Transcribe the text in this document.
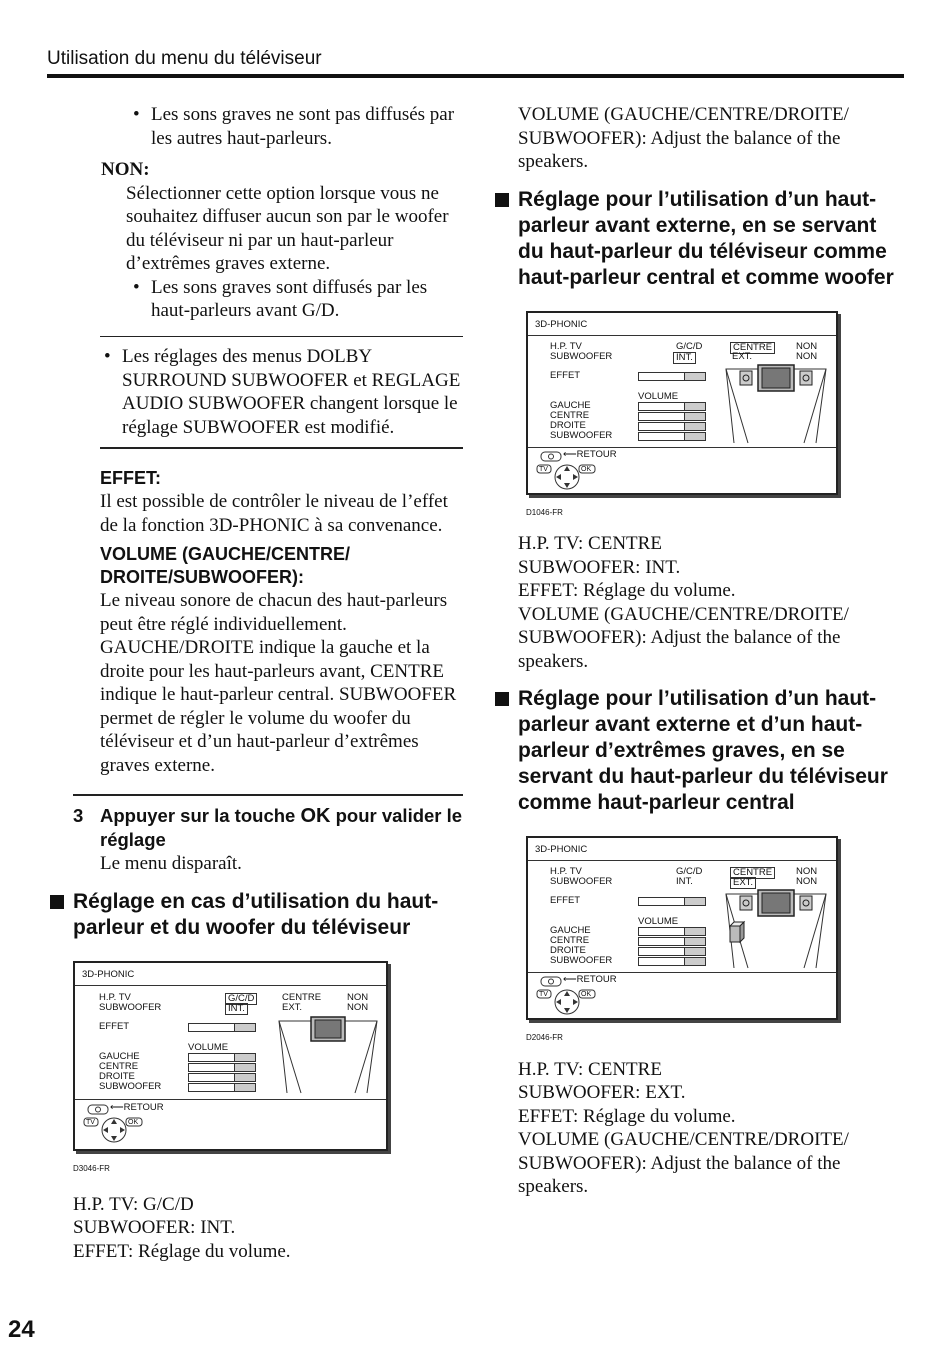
Utilisation du menu du téléviseur
24

• Les sons graves ne sont pas diffusés par les autres haut-parleurs.

NON:

Sélectionner cette option lorsque vous ne souhaitez diffuser aucun son par le woofer du téléviseur ni par un haut-parleur d’extrêmes graves externe.

• Les sons graves sont diffusés par les haut-parleurs avant G/D.

• Les réglages des menus DOLBY SURROUND SUBWOOFER et REGLAGE AUDIO SUBWOOFER changent lorsque le réglage SUBWOOFER est modifié.

EFFET:

Il est possible de contrôler le niveau de l’effet de la fonction 3D-PHONIC à sa convenance.

VOLUME (GAUCHE/CENTRE/ DROITE/SUBWOOFER):

Le niveau sonore de chacun des haut-parleurs peut être réglé individuellement. GAUCHE/DROITE indique la gauche et la droite pour les haut-parleurs avant, CENTRE indique le haut-parleur central. SUBWOOFER permet de régler le volume du woofer du téléviseur et d’un haut-parleur d’extrêmes graves externe.

3 Appuyer sur la touche OK pour valider le réglage

Le menu disparaît.

Réglage en cas d’utilisation du haut-parleur et du woofer du téléviseur
3D-PHONIC
H.P. TV
SUBWOOFER
G/C/D
INT.
CENTRE
EXT.
NON
NON
EFFET
VOLUME
GAUCHE
CENTRE
DROITE
SUBWOOFER
⟵RETOUR
TV	OK
D3046-FR

H.P. TV: G/C/D

SUBWOOFER: INT.

EFFET: Réglage du volume.

VOLUME (GAUCHE/CENTRE/DROITE/

SUBWOOFER): Adjust the balance of the

speakers.

Réglage pour l’utilisation d’un haut-parleur avant externe, en se servant du haut-parleur du téléviseur comme haut-parleur central et comme woofer
3D-PHONIC
H.P. TV
SUBWOOFER
G/C/D
INT.
CENTRE
EXT.
NON
NON
EFFET
VOLUME
GAUCHE
CENTRE
DROITE
SUBWOOFER
⟵RETOUR
TV	OK
D1046-FR

H.P. TV: CENTRE

SUBWOOFER: INT.

EFFET: Réglage du volume.

VOLUME (GAUCHE/CENTRE/DROITE/

SUBWOOFER): Adjust the balance of the

speakers.

Réglage pour l’utilisation d’un haut-parleur avant externe et d’un haut-parleur d’extrêmes graves, en se servant du haut-parleur du téléviseur comme haut-parleur central
3D-PHONIC
H.P. TV
SUBWOOFER
G/C/D
INT.
CENTRE
EXT.
NON
NON
EFFET
VOLUME
GAUCHE
CENTRE
DROITE
SUBWOOFER
⟵RETOUR
TV	OK
D2046-FR

H.P. TV: CENTRE

SUBWOOFER: EXT.

EFFET: Réglage du volume.

VOLUME (GAUCHE/CENTRE/DROITE/

SUBWOOFER): Adjust the balance of the

speakers.
